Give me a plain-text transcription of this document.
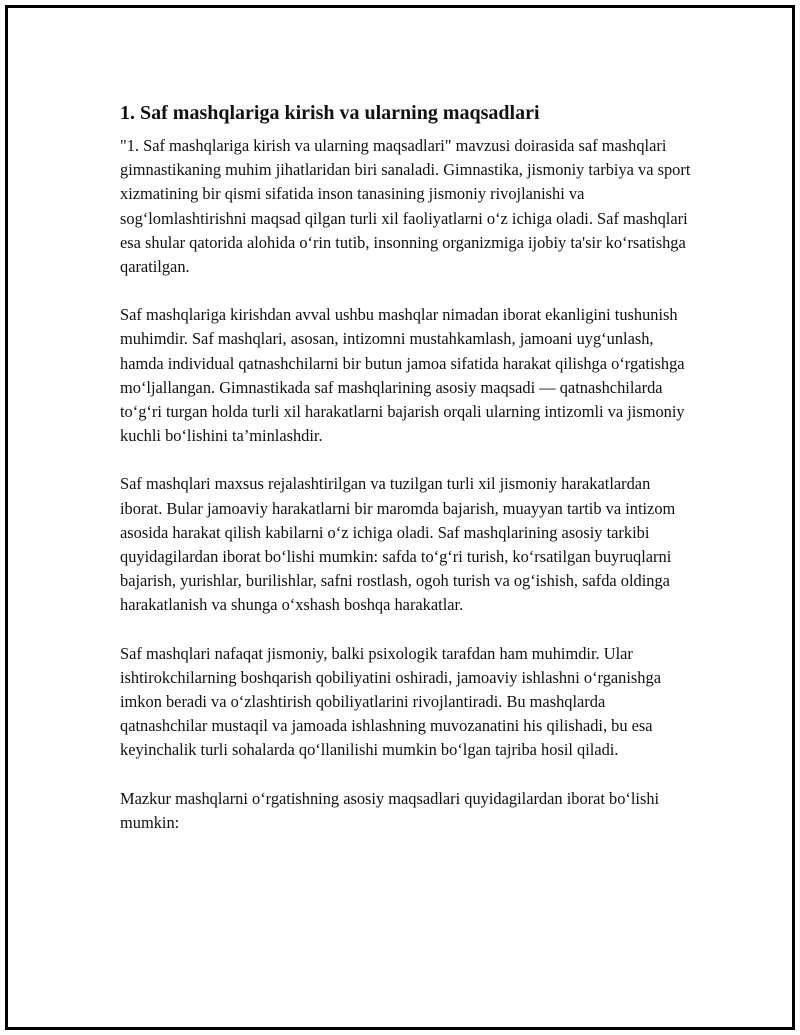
1. Saf mashqlariga kirish va ularning maqsadlari

"1. Saf mashqlariga kirish va ularning maqsadlari" mavzusi doirasida saf mashqlari gimnastikaning muhim jihatlaridan biri sanaladi. Gimnastika, jismoniy tarbiya va sport xizmatining bir qismi sifatida inson tanasining jismoniy rivojlanishi va sog‘lomlashtirishni maqsad qilgan turli xil faoliyatlarni o‘z ichiga oladi. Saf mashqlari esa shular qatorida alohida o‘rin tutib, insonning organizmiga ijobiy ta'sir ko‘rsatishga qaratilgan.

Saf mashqlariga kirishdan avval ushbu mashqlar nimadan iborat ekanligini tushunish muhimdir. Saf mashqlari, asosan, intizomni mustahkamlash, jamoani uyg‘unlash, hamda individual qatnashchilarni bir butun jamoa sifatida harakat qilishga o‘rgatishga mo‘ljallangan. Gimnastikada saf mashqlarining asosiy maqsadi — qatnashchilarda to‘g‘ri turgan holda turli xil harakatlarni bajarish orqali ularning intizomli va jismoniy kuchli bo‘lishini ta’minlashdir.

Saf mashqlari maxsus rejalashtirilgan va tuzilgan turli xil jismoniy harakatlardan iborat. Bular jamoaviy harakatlarni bir maromda bajarish, muayyan tartib va intizom asosida harakat qilish kabilarni o‘z ichiga oladi. Saf mashqlarining asosiy tarkibi quyidagilardan iborat bo‘lishi mumkin: safda to‘g‘ri turish, ko‘rsatilgan buyruqlarni bajarish, yurishlar, burilishlar, safni rostlash, ogoh turish va og‘ishish, safda oldinga harakatlanish va shunga o‘xshash boshqa harakatlar.

Saf mashqlari nafaqat jismoniy, balki psixologik tarafdan ham muhimdir. Ular ishtirokchilarning boshqarish qobiliyatini oshiradi, jamoaviy ishlashni o‘rganishga imkon beradi va o‘zlashtirish qobiliyatlarini rivojlantiradi. Bu mashqlarda qatnashchilar mustaqil va jamoada ishlashning muvozanatini his qilishadi, bu esa keyinchalik turli sohalarda qo‘llanilishi mumkin bo‘lgan tajriba hosil qiladi.

Mazkur mashqlarni o‘rgatishning asosiy maqsadlari quyidagilardan iborat bo‘lishi mumkin:
